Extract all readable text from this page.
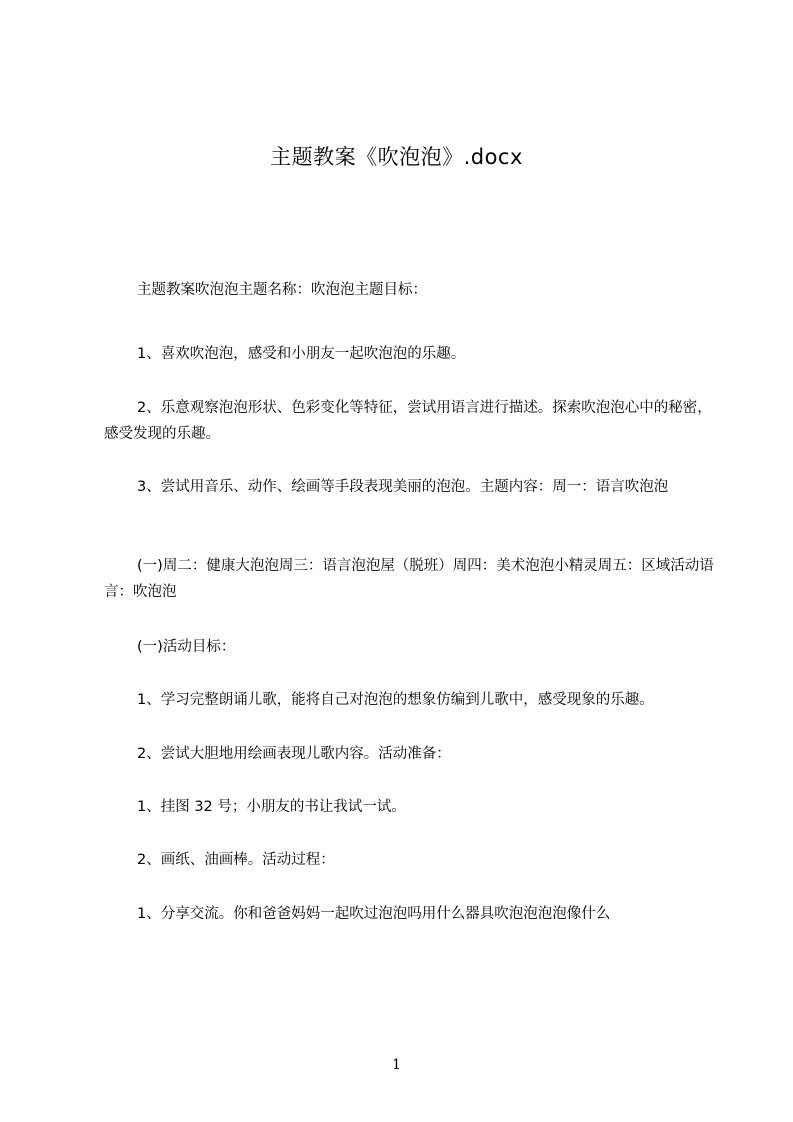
主题教案《吹泡泡》.docx

主题教案吹泡泡主题名称：吹泡泡主题目标：

1、喜欢吹泡泡，感受和小朋友一起吹泡泡的乐趣。

2、乐意观察泡泡形状、色彩变化等特征，尝试用语言进行描述。探索吹泡泡心中的秘密，感受发现的乐趣。

3、尝试用音乐、动作、绘画等手段表现美丽的泡泡。主题内容：周一：语言吹泡泡

(一)周二：健康大泡泡周三：语言泡泡屋（脱班）周四：美术泡泡小精灵周五：区域活动语言：吹泡泡

(一)活动目标：

1、学习完整朗诵儿歌，能将自己对泡泡的想象仿编到儿歌中，感受现象的乐趣。

2、尝试大胆地用绘画表现儿歌内容。活动准备：

1、挂图 32 号；小朋友的书让我试一试。

2、画纸、油画棒。活动过程：

1、分享交流。你和爸爸妈妈一起吹过泡泡吗用什么器具吹泡泡泡泡像什么

1
